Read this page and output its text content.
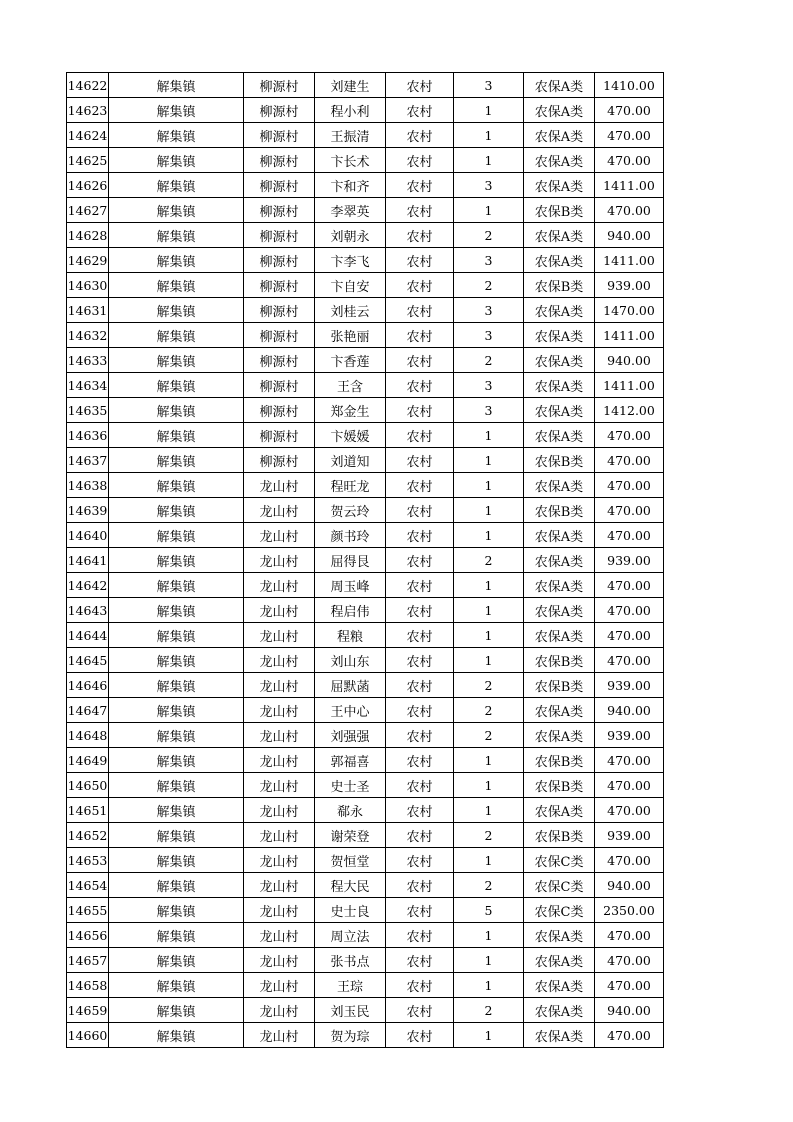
14622	解集镇	柳源村	刘建生	农村	3	农保A类	1410.00
14623	解集镇	柳源村	程小利	农村	1	农保A类	470.00
14624	解集镇	柳源村	王振清	农村	1	农保A类	470.00
14625	解集镇	柳源村	卞长术	农村	1	农保A类	470.00
14626	解集镇	柳源村	卞和齐	农村	3	农保A类	1411.00
14627	解集镇	柳源村	李翠英	农村	1	农保B类	470.00
14628	解集镇	柳源村	刘朝永	农村	2	农保A类	940.00
14629	解集镇	柳源村	卞李飞	农村	3	农保A类	1411.00
14630	解集镇	柳源村	卞自安	农村	2	农保B类	939.00
14631	解集镇	柳源村	刘桂云	农村	3	农保A类	1470.00
14632	解集镇	柳源村	张艳丽	农村	3	农保A类	1411.00
14633	解集镇	柳源村	卞香莲	农村	2	农保A类	940.00
14634	解集镇	柳源村	王含	农村	3	农保A类	1411.00
14635	解集镇	柳源村	郑金生	农村	3	农保A类	1412.00
14636	解集镇	柳源村	卞媛媛	农村	1	农保A类	470.00
14637	解集镇	柳源村	刘道知	农村	1	农保B类	470.00
14638	解集镇	龙山村	程旺龙	农村	1	农保A类	470.00
14639	解集镇	龙山村	贺云玲	农村	1	农保B类	470.00
14640	解集镇	龙山村	颜书玲	农村	1	农保A类	470.00
14641	解集镇	龙山村	屈得艮	农村	2	农保A类	939.00
14642	解集镇	龙山村	周玉峰	农村	1	农保A类	470.00
14643	解集镇	龙山村	程启伟	农村	1	农保A类	470.00
14644	解集镇	龙山村	程粮	农村	1	农保A类	470.00
14645	解集镇	龙山村	刘山东	农村	1	农保B类	470.00
14646	解集镇	龙山村	屈默菡	农村	2	农保B类	939.00
14647	解集镇	龙山村	王中心	农村	2	农保A类	940.00
14648	解集镇	龙山村	刘强强	农村	2	农保A类	939.00
14649	解集镇	龙山村	郭福喜	农村	1	农保B类	470.00
14650	解集镇	龙山村	史士圣	农村	1	农保B类	470.00
14651	解集镇	龙山村	郗永	农村	1	农保A类	470.00
14652	解集镇	龙山村	谢荣登	农村	2	农保B类	939.00
14653	解集镇	龙山村	贺恒堂	农村	1	农保C类	470.00
14654	解集镇	龙山村	程大民	农村	2	农保C类	940.00
14655	解集镇	龙山村	史士良	农村	5	农保C类	2350.00
14656	解集镇	龙山村	周立法	农村	1	农保A类	470.00
14657	解集镇	龙山村	张书点	农村	1	农保A类	470.00
14658	解集镇	龙山村	王琮	农村	1	农保A类	470.00
14659	解集镇	龙山村	刘玉民	农村	2	农保A类	940.00
14660	解集镇	龙山村	贺为琮	农村	1	农保A类	470.00
